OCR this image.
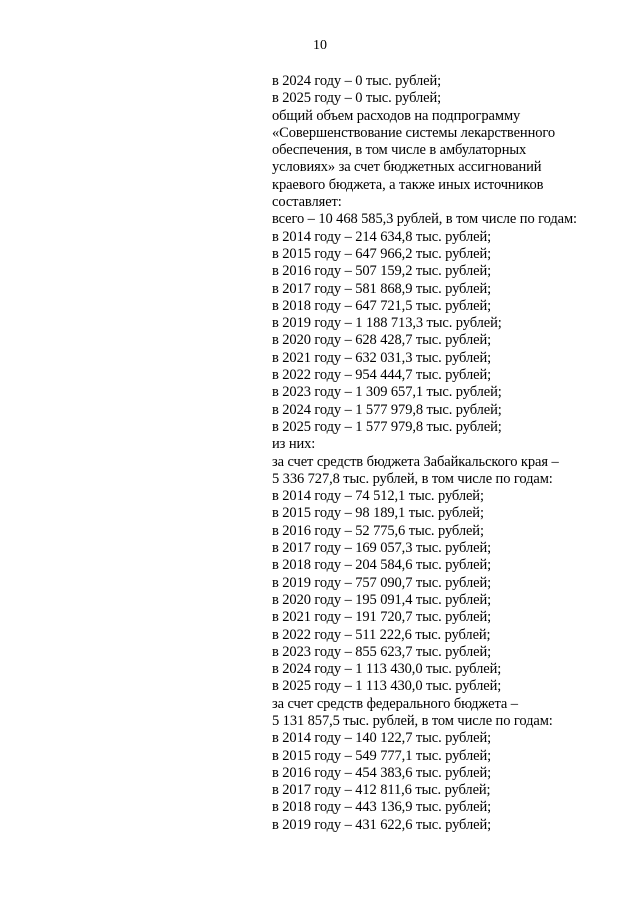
10
в 2024 году – 0 тыс. рублей;
в 2025 году – 0 тыс. рублей;
общий объем расходов на подпрограмму
«Совершенствование системы лекарственного
обеспечения, в том числе в амбулаторных
условиях» за счет бюджетных ассигнований
краевого бюджета, а также иных источников
составляет:
всего – 10 468 585,3 рублей, в том числе по годам:
в 2014 году – 214 634,8 тыс. рублей;
в 2015 году – 647 966,2 тыс. рублей;
в 2016 году – 507 159,2 тыс. рублей;
в 2017 году – 581 868,9 тыс. рублей;
в 2018 году – 647 721,5 тыс. рублей;
в 2019 году – 1 188 713,3 тыс. рублей;
в 2020 году – 628 428,7 тыс. рублей;
в 2021 году – 632 031,3 тыс. рублей;
в 2022 году – 954 444,7 тыс. рублей;
в 2023 году – 1 309 657,1 тыс. рублей;
в 2024 году – 1 577 979,8 тыс. рублей;
в 2025 году – 1 577 979,8 тыс. рублей;
из них:
за счет средств бюджета Забайкальского края –
5 336 727,8 тыс. рублей, в том числе по годам:
в 2014 году – 74 512,1 тыс. рублей;
в 2015 году – 98 189,1 тыс. рублей;
в 2016 году – 52 775,6 тыс. рублей;
в 2017 году – 169 057,3 тыс. рублей;
в 2018 году – 204 584,6 тыс. рублей;
в 2019 году – 757 090,7 тыс. рублей;
в 2020 году – 195 091,4 тыс. рублей;
в 2021 году – 191 720,7 тыс. рублей;
в 2022 году – 511 222,6 тыс. рублей;
в 2023 году – 855 623,7 тыс. рублей;
в 2024 году – 1 113 430,0 тыс. рублей;
в 2025 году – 1 113 430,0 тыс. рублей;
за счет средств федерального бюджета –
5 131 857,5 тыс. рублей, в том числе по годам:
в 2014 году – 140 122,7 тыс. рублей;
в 2015 году – 549 777,1 тыс. рублей;
в 2016 году – 454 383,6 тыс. рублей;
в 2017 году – 412 811,6 тыс. рублей;
в 2018 году – 443 136,9 тыс. рублей;
в 2019 году – 431 622,6 тыс. рублей;
